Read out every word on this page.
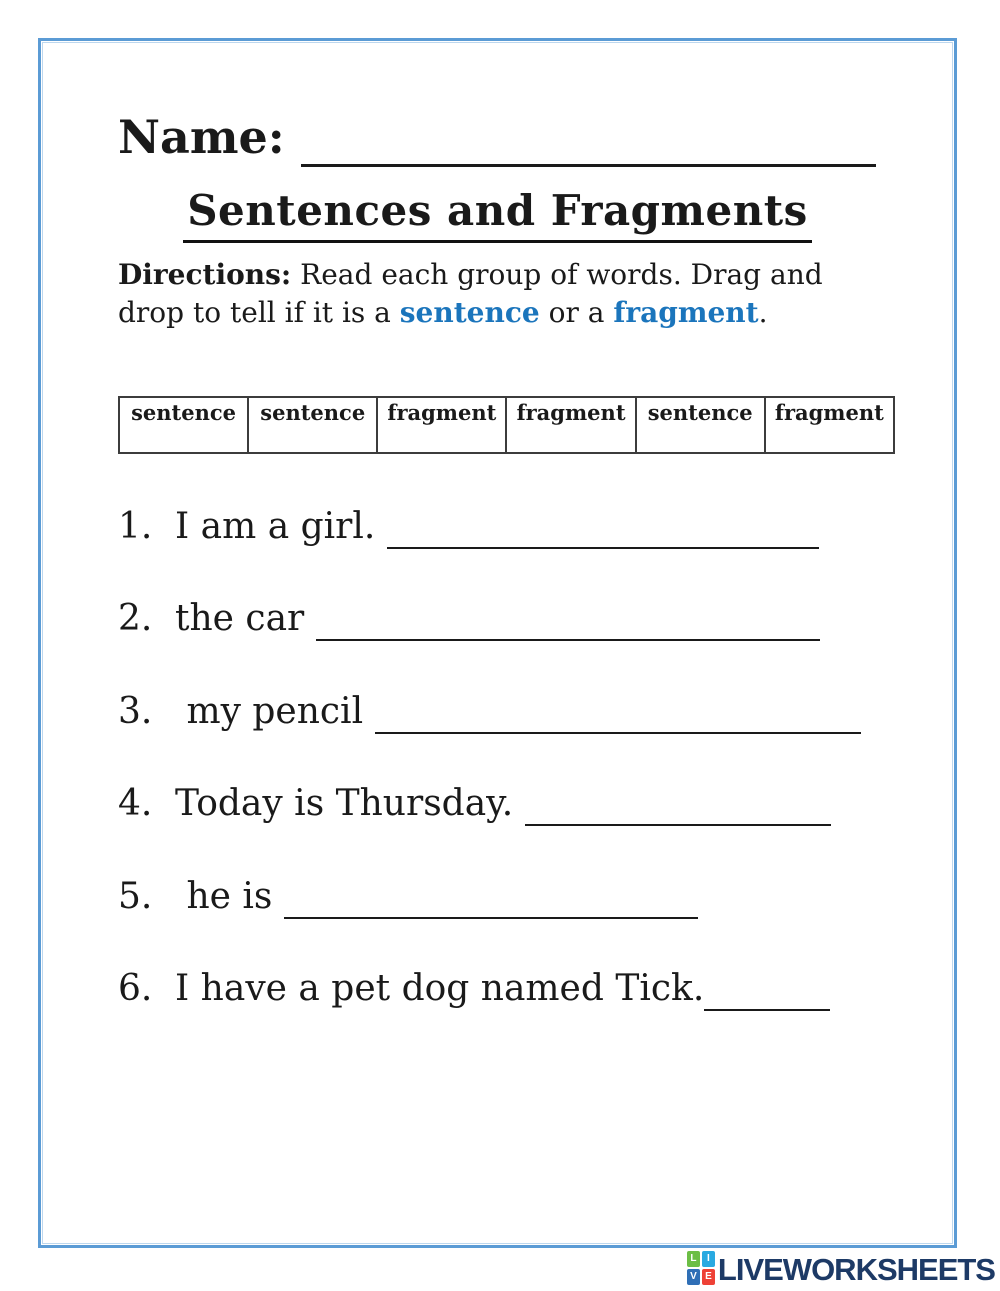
Name:
Sentences and Fragments
Directions: Read each group of words. Drag and
drop to tell if it is a sentence or a fragment.
sentence	sentence	fragment	fragment	sentence	fragment
1. I am a girl.
2. the car
3. my pencil
4. Today is Thursday.
5. he is
6. I have a pet dog named Tick.
L	I
V E LIVEWORKSHEETS
